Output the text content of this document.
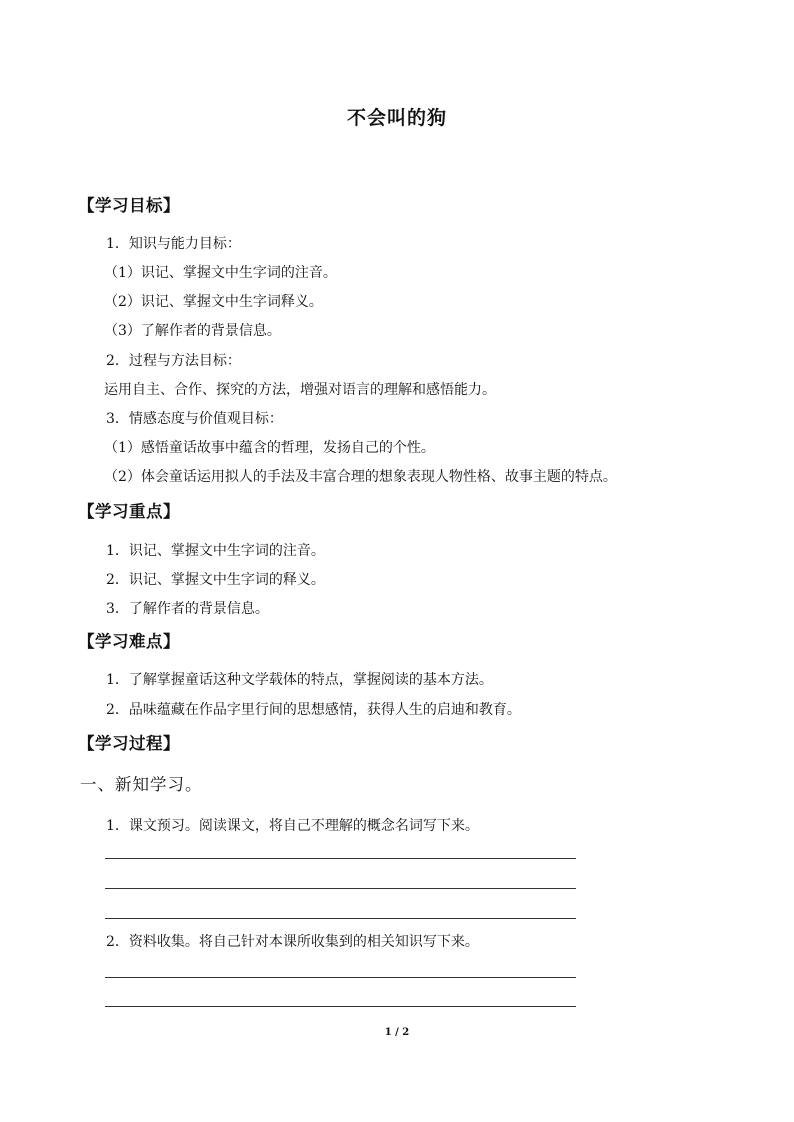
不会叫的狗
【学习目标】
1．知识与能力目标：
（1）识记、掌握文中生字词的注音。
（2）识记、掌握文中生字词释义。
（3）了解作者的背景信息。
2．过程与方法目标：
运用自主、合作、探究的方法，增强对语言的理解和感悟能力。
3．情感态度与价值观目标：
（1）感悟童话故事中蕴含的哲理，发扬自己的个性。
（2）体会童话运用拟人的手法及丰富合理的想象表现人物性格、故事主题的特点。
【学习重点】
1．识记、掌握文中生字词的注音。
2．识记、掌握文中生字词的释义。
3．了解作者的背景信息。
【学习难点】
1．了解掌握童话这种文学载体的特点，掌握阅读的基本方法。
2．品味蕴藏在作品字里行间的思想感情，获得人生的启迪和教育。
【学习过程】
一、新知学习。
1．课文预习。阅读课文，将自己不理解的概念名词写下来。
2．资料收集。将自己针对本课所收集到的相关知识写下来。
1 / 2
